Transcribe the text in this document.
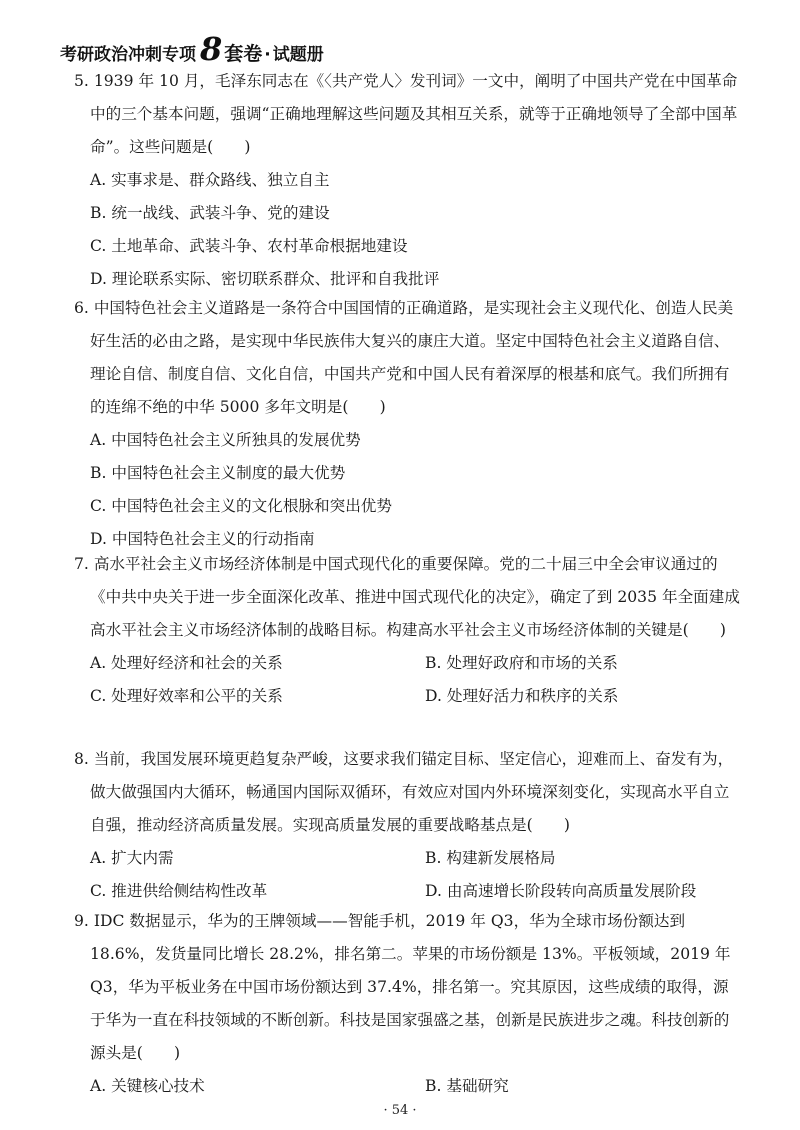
考研政治冲刺专项 8 套卷 · 试题册

5. 1939 年 10 月，毛泽东同志在《〈共产党人〉发刊词》一文中，阐明了中国共产党在中国革命中的三个基本问题，强调“正确地理解这些问题及其相互关系，就等于正确地领导了全部中国革命”。这些问题是(　　)

A. 实事求是、群众路线、独立自主
B. 统一战线、武装斗争、党的建设
C. 土地革命、武装斗争、农村革命根据地建设
D. 理论联系实际、密切联系群众、批评和自我批评

6. 中国特色社会主义道路是一条符合中国国情的正确道路，是实现社会主义现代化、创造人民美好生活的必由之路，是实现中华民族伟大复兴的康庄大道。坚定中国特色社会主义道路自信、理论自信、制度自信、文化自信，中国共产党和中国人民有着深厚的根基和底气。我们所拥有的连绵不绝的中华 5000 多年文明是(　　)

A. 中国特色社会主义所独具的发展优势
B. 中国特色社会主义制度的最大优势
C. 中国特色社会主义的文化根脉和突出优势
D. 中国特色社会主义的行动指南

7. 高水平社会主义市场经济体制是中国式现代化的重要保障。党的二十届三中全会审议通过的《中共中央关于进一步全面深化改革、推进中国式现代化的决定》，确定了到 2035 年全面建成高水平社会主义市场经济体制的战略目标。构建高水平社会主义市场经济体制的关键是(　　)

A. 处理好经济和社会的关系	B. 处理好政府和市场的关系
C. 处理好效率和公平的关系	D. 处理好活力和秩序的关系

8. 当前，我国发展环境更趋复杂严峻，这要求我们锚定目标、坚定信心，迎难而上、奋发有为，做大做强国内大循环，畅通国内国际双循环，有效应对国内外环境深刻变化，实现高水平自立自强，推动经济高质量发展。实现高质量发展的重要战略基点是(　　)

A. 扩大内需	B. 构建新发展格局
C. 推进供给侧结构性改革	D. 由高速增长阶段转向高质量发展阶段

9. IDC 数据显示，华为的王牌领域——智能手机，2019 年 Q3，华为全球市场份额达到 18.6%，发货量同比增长 28.2%，排名第二。苹果的市场份额是 13%。平板领域，2019 年 Q3，华为平板业务在中国市场份额达到 37.4%，排名第一。究其原因，这些成绩的取得，源于华为一直在科技领域的不断创新。科技是国家强盛之基，创新是民族进步之魂。科技创新的源头是(　　)

A. 关键核心技术	B. 基础研究
· 54 ·
